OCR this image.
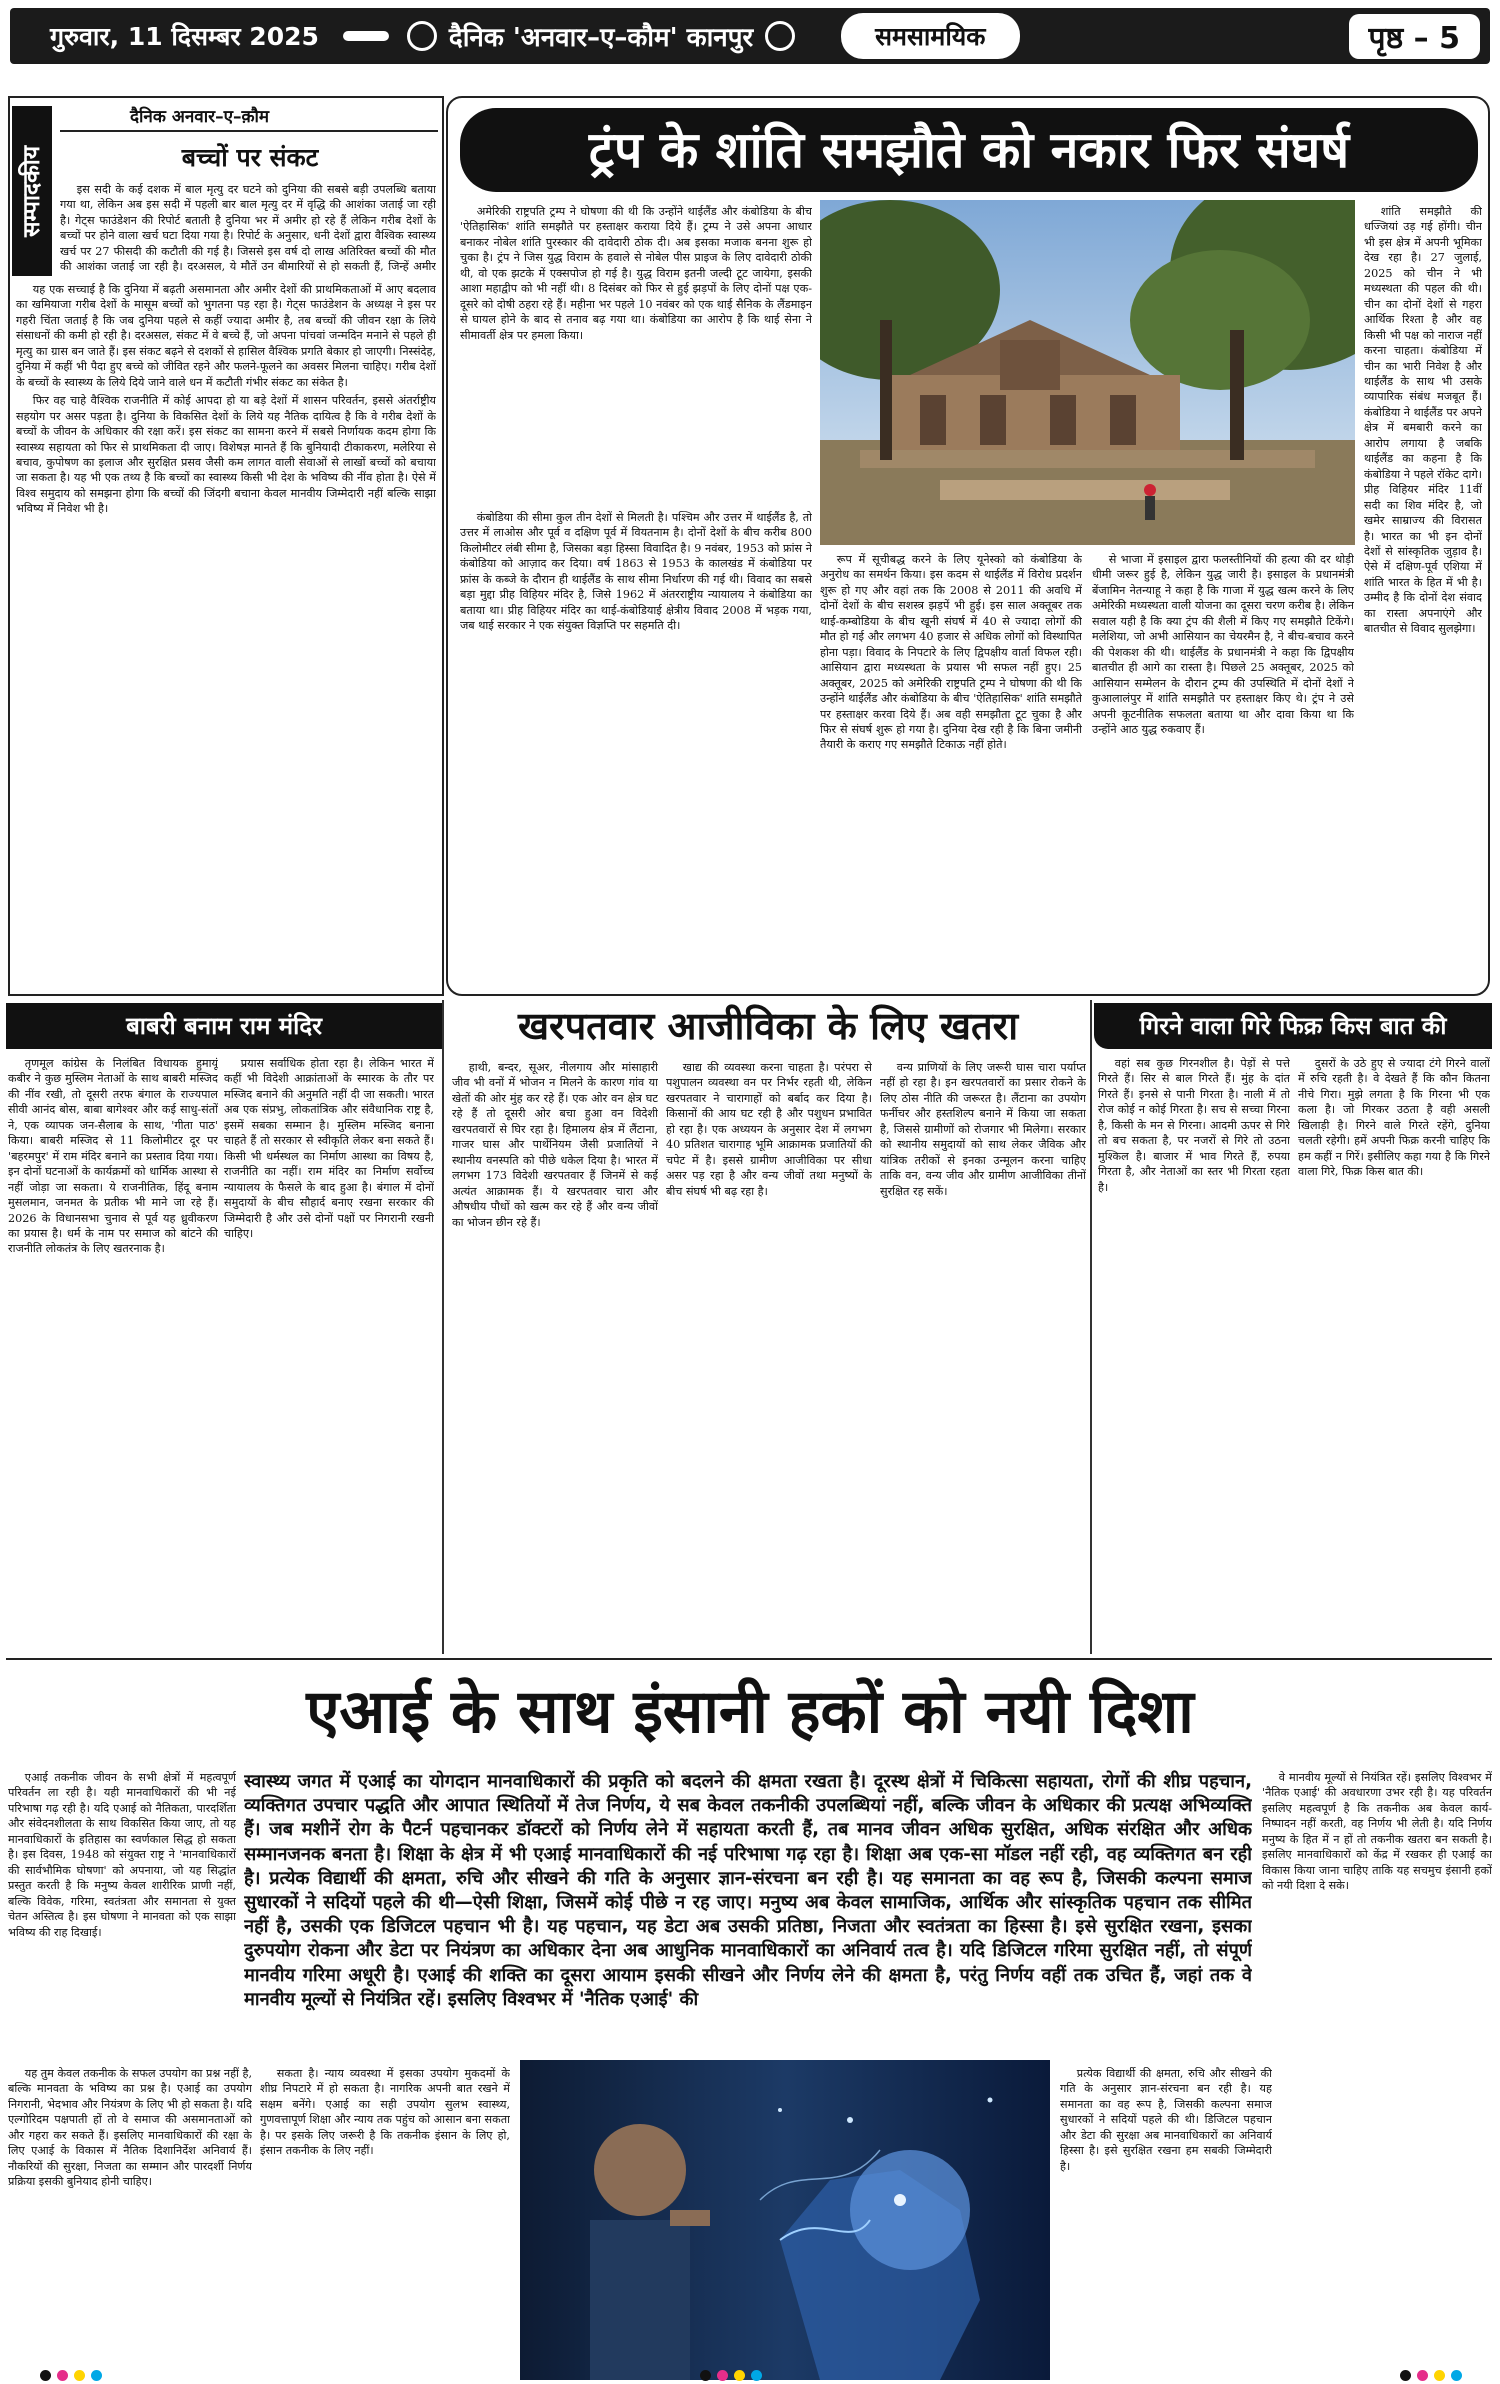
गुरुवार, 11 दिसम्बर 2025	दैनिक 'अनवार–ए–कौम' कानपुर	समसामयिक	पृष्ठ – 5
सम्पादकीय
दैनिक अनवार–ए–क़ौम
बच्चों पर संकट

इस सदी के कई दशक में बाल मृत्यु दर घटने को दुनिया की सबसे बड़ी उपलब्धि बताया गया था, लेकिन अब इस सदी में पहली बार बाल मृत्यु दर में वृद्धि की आशंका जताई जा रही है। गेट्स फाउंडेशन की रिपोर्ट बताती है दुनिया भर में अमीर हो रहे हैं लेकिन गरीब देशों के बच्चों पर होने वाला खर्च घटा दिया गया है। रिपोर्ट के अनुसार, धनी देशों द्वारा वैश्विक स्वास्थ्य खर्च पर 27 फीसदी की कटौती की गई है। जिससे इस वर्ष दो लाख अतिरिक्त बच्चों की मौत की आशंका जताई जा रही है। दरअसल, ये मौतें उन बीमारियों से हो सकती हैं, जिन्हें अमीर

यह एक सच्चाई है कि दुनिया में बढ़ती असमानता और अमीर देशों की प्राथमिकताओं में आए बदलाव का खमियाजा गरीब देशों के मासूम बच्चों को भुगतना पड़ रहा है। गेट्स फाउंडेशन के अध्यक्ष ने इस पर गहरी चिंता जताई है कि जब दुनिया पहले से कहीं ज्यादा अमीर है, तब बच्चों की जीवन रक्षा के लिये संसाधनों की कमी हो रही है। दरअसल, संकट में वे बच्चे हैं, जो अपना पांचवां जन्मदिन मनाने से पहले ही मृत्यु का ग्रास बन जाते हैं। इस संकट बढ़ने से दशकों से हासिल वैश्विक प्रगति बेकार हो जाएगी। निस्संदेह, दुनिया में कहीं भी पैदा हुए बच्चे को जीवित रहने और फलने-फूलने का अवसर मिलना चाहिए। गरीब देशों के बच्चों के स्वास्थ्य के लिये दिये जाने वाले धन में कटौती गंभीर संकट का संकेत है।

फिर वह चाहे वैश्विक राजनीति में कोई आपदा हो या बड़े देशों में शासन परिवर्तन, इससे अंतर्राष्ट्रीय सहयोग पर असर पड़ता है। दुनिया के विकसित देशों के लिये यह नैतिक दायित्व है कि वे गरीब देशों के बच्चों के जीवन के अधिकार की रक्षा करें। इस संकट का सामना करने में सबसे निर्णायक कदम होगा कि स्वास्थ्य सहायता को फिर से प्राथमिकता दी जाए। विशेषज्ञ मानते हैं कि बुनियादी टीकाकरण, मलेरिया से बचाव, कुपोषण का इलाज और सुरक्षित प्रसव जैसी कम लागत वाली सेवाओं से लाखों बच्चों को बचाया जा सकता है। यह भी एक तथ्य है कि बच्चों का स्वास्थ्य किसी भी देश के भविष्य की नींव होता है। ऐसे में विश्व समुदाय को समझना होगा कि बच्चों की जिंदगी बचाना केवल मानवीय जिम्मेदारी नहीं बल्कि साझा भविष्य में निवेश भी है।

ट्रंप के शांति समझौते को नकार फिर संघर्ष

अमेरिकी राष्ट्रपति ट्रम्प ने घोषणा की थी कि उन्होंने थाईलैंड और कंबोडिया के बीच 'ऐतिहासिक' शांति समझौते पर हस्ताक्षर कराया दिये हैं। ट्रम्प ने उसे अपना आधार बनाकर नोबेल शांति पुरस्कार की दावेदारी ठोक दी। अब इसका मजाक बनना शुरू हो चुका है। ट्रंप ने जिस युद्ध विराम के हवाले से नोबेल पीस प्राइज के लिए दावेदारी ठोकी थी, वो एक झटके में एक्सपोज हो गई है। युद्ध विराम इतनी जल्दी टूट जायेगा, इसकी आशा महाद्वीप को भी नहीं थी। 8 दिसंबर को फिर से हुई झड़पों के लिए दोनों पक्ष एक-दूसरे को दोषी ठहरा रहे हैं। महीना भर पहले 10 नवंबर को एक थाई सैनिक के लैंडमाइन से घायल होने के बाद से तनाव बढ़ गया था। कंबोडिया का आरोप है कि थाई सेना ने सीमावर्ती क्षेत्र पर हमला किया।

कंबोडिया की सीमा कुल तीन देशों से मिलती है। पश्चिम और उत्तर में थाईलैंड है, तो उत्तर में लाओस और पूर्व व दक्षिण पूर्व में वियतनाम है। दोनों देशों के बीच करीब 800 किलोमीटर लंबी सीमा है, जिसका बड़ा हिस्सा विवादित है। 9 नवंबर, 1953 को फ्रांस ने कंबोडिया को आज़ाद कर दिया। वर्ष 1863 से 1953 के कालखंड में कंबोडिया पर फ्रांस के कब्जे के दौरान ही थाईलैंड के साथ सीमा निर्धारण की गई थी। विवाद का सबसे बड़ा मुद्दा प्रीह विहियर मंदिर है, जिसे 1962 में अंतरराष्ट्रीय न्यायालय ने कंबोडिया का बताया था। प्रीह विहियर मंदिर का थाई-कंबोडियाई क्षेत्रीय विवाद 2008 में भड़क गया, जब थाई सरकार ने एक संयुक्त विज्ञप्ति पर सहमति दी।

रूप में सूचीबद्ध करने के लिए यूनेस्को को कंबोडिया के अनुरोध का समर्थन किया। इस कदम से थाईलैंड में विरोध प्रदर्शन शुरू हो गए और वहां तक कि 2008 से 2011 की अवधि में दोनों देशों के बीच सशस्त्र झड़पें भी हुई। इस साल अक्तूबर तक थाई-कम्बोडिया के बीच खूनी संघर्ष में 40 से ज्यादा लोगों की मौत हो गई और लगभग 40 हजार से अधिक लोगों को विस्थापित होना पड़ा। विवाद के निपटारे के लिए द्विपक्षीय वार्ता विफल रही। आसियान द्वारा मध्यस्थता के प्रयास भी सफल नहीं हुए। 25 अक्तूबर, 2025 को अमेरिकी राष्ट्रपति ट्रम्प ने घोषणा की थी कि उन्होंने थाईलैंड और कंबोडिया के बीच 'ऐतिहासिक' शांति समझौते पर हस्ताक्षर करवा दिये हैं। अब वही समझौता टूट चुका है और फिर से संघर्ष शुरू हो गया है। दुनिया देख रही है कि बिना जमीनी तैयारी के कराए गए समझौते टिकाऊ नहीं होते।

से भाजा में इसाइल द्वारा फलस्तीनियों की हत्या की दर थोड़ी धीमी जरूर हुई है, लेकिन युद्ध जारी है। इसाइल के प्रधानमंत्री बेंजामिन नेतन्याहू ने कहा है कि गाजा में युद्ध खत्म करने के लिए अमेरिकी मध्यस्थता वाली योजना का दूसरा चरण करीब है। लेकिन सवाल यही है कि क्या ट्रंप की शैली में किए गए समझौते टिकेंगे। मलेशिया, जो अभी आसियान का चेयरमैन है, ने बीच-बचाव करने की पेशकश की थी। थाईलैंड के प्रधानमंत्री ने कहा कि द्विपक्षीय बातचीत ही आगे का रास्ता है। पिछले 25 अक्तूबर, 2025 को आसियान सम्मेलन के दौरान ट्रम्प की उपस्थिति में दोनों देशों ने कुआलालंपुर में शांति समझौते पर हस्ताक्षर किए थे। ट्रंप ने उसे अपनी कूटनीतिक सफलता बताया था और दावा किया था कि उन्होंने आठ युद्ध रुकवाए हैं।

शांति समझौते की धज्जियां उड़ गई होंगी। चीन भी इस क्षेत्र में अपनी भूमिका देख रहा है। 27 जुलाई, 2025 को चीन ने भी मध्यस्थता की पहल की थी। चीन का दोनों देशों से गहरा आर्थिक रिश्ता है और वह किसी भी पक्ष को नाराज नहीं करना चाहता। कंबोडिया में चीन का भारी निवेश है और थाईलैंड के साथ भी उसके व्यापारिक संबंध मजबूत हैं। कंबोडिया ने थाईलैंड पर अपने क्षेत्र में बमबारी करने का आरोप लगाया है जबकि थाईलैंड का कहना है कि कंबोडिया ने पहले रॉकेट दागे। प्रीह विहियर मंदिर 11वीं सदी का शिव मंदिर है, जो खमेर साम्राज्य की विरासत है। भारत का भी इन दोनों देशों से सांस्कृतिक जुड़ाव है। ऐसे में दक्षिण-पूर्व एशिया में शांति भारत के हित में भी है। उम्मीद है कि दोनों देश संवाद का रास्ता अपनाएंगे और बातचीत से विवाद सुलझेगा।

बाबरी बनाम राम मंदिर	खरपतवार आजीविका के लिए खतरा	गिरने वाला गिरे फिक्र किस बात की

तृणमूल कांग्रेस के निलंबित विधायक हुमायूं कबीर ने कुछ मुस्लिम नेताओं के साथ बाबरी मस्जिद की नींव रखी, तो दूसरी तरफ बंगाल के राज्यपाल सीवी आनंद बोस, बाबा बागेश्वर और कई साधु-संतों ने, एक व्यापक जन-सैलाब के साथ, 'गीता पाठ' किया। बाबरी मस्जिद से 11 किलोमीटर दूर पर 'बहरमपुर' में राम मंदिर बनाने का प्रस्ताव दिया गया। इन दोनों घटनाओं के कार्यक्रमों को धार्मिक आस्था से नहीं जोड़ा जा सकता। ये राजनीतिक, हिंदू बनाम मुसलमान, जनमत के प्रतीक भी माने जा रहे हैं। 2026 के विधानसभा चुनाव से पूर्व यह ध्रुवीकरण का प्रयास है। धर्म के नाम पर समाज को बांटने की राजनीति लोकतंत्र के लिए खतरनाक है।

प्रयास सर्वाधिक होता रहा है। लेकिन भारत में कहीं भी विदेशी आक्रांताओं के स्मारक के तौर पर मस्जिद बनाने की अनुमति नहीं दी जा सकती। भारत अब एक संप्रभु, लोकतांत्रिक और संवैधानिक राष्ट्र है, इसमें सबका सम्मान है। मुस्लिम मस्जिद बनाना चाहते हैं तो सरकार से स्वीकृति लेकर बना सकते हैं। किसी भी धर्मस्थल का निर्माण आस्था का विषय है, राजनीति का नहीं। राम मंदिर का निर्माण सर्वोच्च न्यायालय के फैसले के बाद हुआ है। बंगाल में दोनों समुदायों के बीच सौहार्द बनाए रखना सरकार की जिम्मेदारी है और उसे दोनों पक्षों पर निगरानी रखनी चाहिए।

हाथी, बन्दर, सूअर, नीलगाय और मांसाहारी जीव भी वनों में भोजन न मिलने के कारण गांव या खेतों की ओर मुंह कर रहे हैं। एक ओर वन क्षेत्र घट रहे हैं तो दूसरी ओर बचा हुआ वन विदेशी खरपतवारों से घिर रहा है। हिमालय क्षेत्र में लैंटाना, गाजर घास और पार्थेनियम जैसी प्रजातियों ने स्थानीय वनस्पति को पीछे धकेल दिया है। भारत में लगभग 173 विदेशी खरपतवार हैं जिनमें से कई अत्यंत आक्रामक हैं। ये खरपतवार चारा और औषधीय पौधों को खत्म कर रहे हैं और वन्य जीवों का भोजन छीन रहे हैं।

खाद्य की व्यवस्था करना चाहता है। परंपरा से पशुपालन व्यवस्था वन पर निर्भर रहती थी, लेकिन खरपतवार ने चारागाहों को बर्बाद कर दिया है। किसानों की आय घट रही है और पशुधन प्रभावित हो रहा है। एक अध्ययन के अनुसार देश में लगभग 40 प्रतिशत चारागाह भूमि आक्रामक प्रजातियों की चपेट में है। इससे ग्रामीण आजीविका पर सीधा असर पड़ रहा है और वन्य जीवों तथा मनुष्यों के बीच संघर्ष भी बढ़ रहा है।

वन्य प्राणियों के लिए जरूरी घास चारा पर्याप्त नहीं हो रहा है। इन खरपतवारों का प्रसार रोकने के लिए ठोस नीति की जरूरत है। लैंटाना का उपयोग फर्नीचर और हस्तशिल्प बनाने में किया जा सकता है, जिससे ग्रामीणों को रोजगार भी मिलेगा। सरकार को स्थानीय समुदायों को साथ लेकर जैविक और यांत्रिक तरीकों से इनका उन्मूलन करना चाहिए ताकि वन, वन्य जीव और ग्रामीण आजीविका तीनों सुरक्षित रह सकें।

वहां सब कुछ गिरनशील है। पेड़ों से पत्ते गिरते हैं। सिर से बाल गिरते हैं। मुंह के दांत गिरते हैं। इनसे से पानी गिरता है। नाली में तो रोज कोई न कोई गिरता है। सच से सच्चा गिरना है, किसी के मन से गिरना। आदमी ऊपर से गिरे तो बच सकता है, पर नजरों से गिरे तो उठना मुश्किल है। बाजार में भाव गिरते हैं, रुपया गिरता है, और नेताओं का स्तर भी गिरता रहता है।

दुसरों के उठे हुए से ज्यादा टंगे गिरने वालों में रुचि रहती है। वे देखते हैं कि कौन कितना नीचे गिरा। मुझे लगता है कि गिरना भी एक कला है। जो गिरकर उठता है वही असली खिलाड़ी है। गिरने वाले गिरते रहेंगे, दुनिया चलती रहेगी। हमें अपनी फिक्र करनी चाहिए कि हम कहीं न गिरें। इसीलिए कहा गया है कि गिरने वाला गिरे, फिक्र किस बात की।

एआई के साथ इंसानी हकों को नयी दिशा

एआई तकनीक जीवन के सभी क्षेत्रों में महत्वपूर्ण परिवर्तन ला रही है। यही मानवाधिकारों की भी नई परिभाषा गढ़ रही है। यदि एआई को नैतिकता, पारदर्शिता और संवेदनशीलता के साथ विकसित किया जाए, तो यह मानवाधिकारों के इतिहास का स्वर्णकाल सिद्ध हो सकता है। इस दिवस, 1948 को संयुक्त राष्ट्र ने 'मानवाधिकारों की सार्वभौमिक घोषणा' को अपनाया, जो यह सिद्धांत प्रस्तुत करती है कि मनुष्य केवल शारीरिक प्राणी नहीं, बल्कि विवेक, गरिमा, स्वतंत्रता और समानता से युक्त चेतन अस्तित्व है। इस घोषणा ने मानवता को एक साझा भविष्य की राह दिखाई।

यह तुम केवल तकनीक के सफल उपयोग का प्रश्न नहीं है, बल्कि मानवता के भविष्य का प्रश्न है। एआई का उपयोग निगरानी, भेदभाव और नियंत्रण के लिए भी हो सकता है। यदि एल्गोरिदम पक्षपाती हों तो वे समाज की असमानताओं को और गहरा कर सकते हैं। इसलिए मानवाधिकारों की रक्षा के लिए एआई के विकास में नैतिक दिशानिर्देश अनिवार्य हैं। नौकरियों की सुरक्षा, निजता का सम्मान और पारदर्शी निर्णय प्रक्रिया इसकी बुनियाद होनी चाहिए।

स्वास्थ्य जगत में एआई का योगदान मानवाधिकारों की प्रकृति को बदलने की क्षमता रखता है। दूरस्थ क्षेत्रों में चिकित्सा सहायता, रोगों की शीघ्र पहचान, व्यक्तिगत उपचार पद्धति और आपात स्थितियों में तेज निर्णय, ये सब केवल तकनीकी उपलब्धियां नहीं, बल्कि जीवन के अधिकार की प्रत्यक्ष अभिव्यक्ति हैं। जब मशीनें रोग के पैटर्न पहचानकर डॉक्टरों को निर्णय लेने में सहायता करती हैं, तब मानव जीवन अधिक सुरक्षित, अधिक संरक्षित और अधिक सम्मानजनक बनता है। शिक्षा के क्षेत्र में भी एआई मानवाधिकारों की नई परिभाषा गढ़ रहा है। शिक्षा अब एक-सा मॉडल नहीं रही, वह व्यक्तिगत बन रही है। प्रत्येक विद्यार्थी की क्षमता, रुचि और सीखने की गति के अनुसार ज्ञान-संरचना बन रही है। यह समानता का वह रूप है, जिसकी कल्पना समाज सुधारकों ने सदियों पहले की थी—ऐसी शिक्षा, जिसमें कोई पीछे न रह जाए। मनुष्य अब केवल सामाजिक, आर्थिक और सांस्कृतिक पहचान तक सीमित नहीं है, उसकी एक डिजिटल पहचान भी है। यह पहचान, यह डेटा अब उसकी प्रतिष्ठा, निजता और स्वतंत्रता का हिस्सा है। इसे सुरक्षित रखना, इसका दुरुपयोग रोकना और डेटा पर नियंत्रण का अधिकार देना अब आधुनिक मानवाधिकारों का अनिवार्य तत्व है। यदि डिजिटल गरिमा सुरक्षित नहीं, तो संपूर्ण मानवीय गरिमा अधूरी है। एआई की शक्ति का दूसरा आयाम इसकी सीखने और निर्णय लेने की क्षमता है, परंतु निर्णय वहीं तक उचित हैं, जहां तक वे मानवीय मूल्यों से नियंत्रित रहें। इसलिए विश्वभर में 'नैतिक एआई' की

सकता है। न्याय व्यवस्था में इसका उपयोग मुकदमों के शीघ्र निपटारे में हो सकता है। नागरिक अपनी बात रखने में सक्षम बनेंगे। एआई का सही उपयोग सुलभ स्वास्थ्य, गुणवत्तापूर्ण शिक्षा और न्याय तक पहुंच को आसान बना सकता है। पर इसके लिए जरूरी है कि तकनीक इंसान के लिए हो, इंसान तकनीक के लिए नहीं।

प्रत्येक विद्यार्थी की क्षमता, रुचि और सीखने की गति के अनुसार ज्ञान-संरचना बन रही है। यह समानता का वह रूप है, जिसकी कल्पना समाज सुधारकों ने सदियों पहले की थी। डिजिटल पहचान और डेटा की सुरक्षा अब मानवाधिकारों का अनिवार्य हिस्सा है। इसे सुरक्षित रखना हम सबकी जिम्मेदारी है।

वे मानवीय मूल्यों से नियंत्रित रहें। इसलिए विश्वभर में 'नैतिक एआई' की अवधारणा उभर रही है। यह परिवर्तन इसलिए महत्वपूर्ण है कि तकनीक अब केवल कार्य-निष्पादन नहीं करती, वह निर्णय भी लेती है। यदि निर्णय मनुष्य के हित में न हों तो तकनीक खतरा बन सकती है। इसलिए मानवाधिकारों को केंद्र में रखकर ही एआई का विकास किया जाना चाहिए ताकि यह सचमुच इंसानी हकों को नयी दिशा दे सके।
